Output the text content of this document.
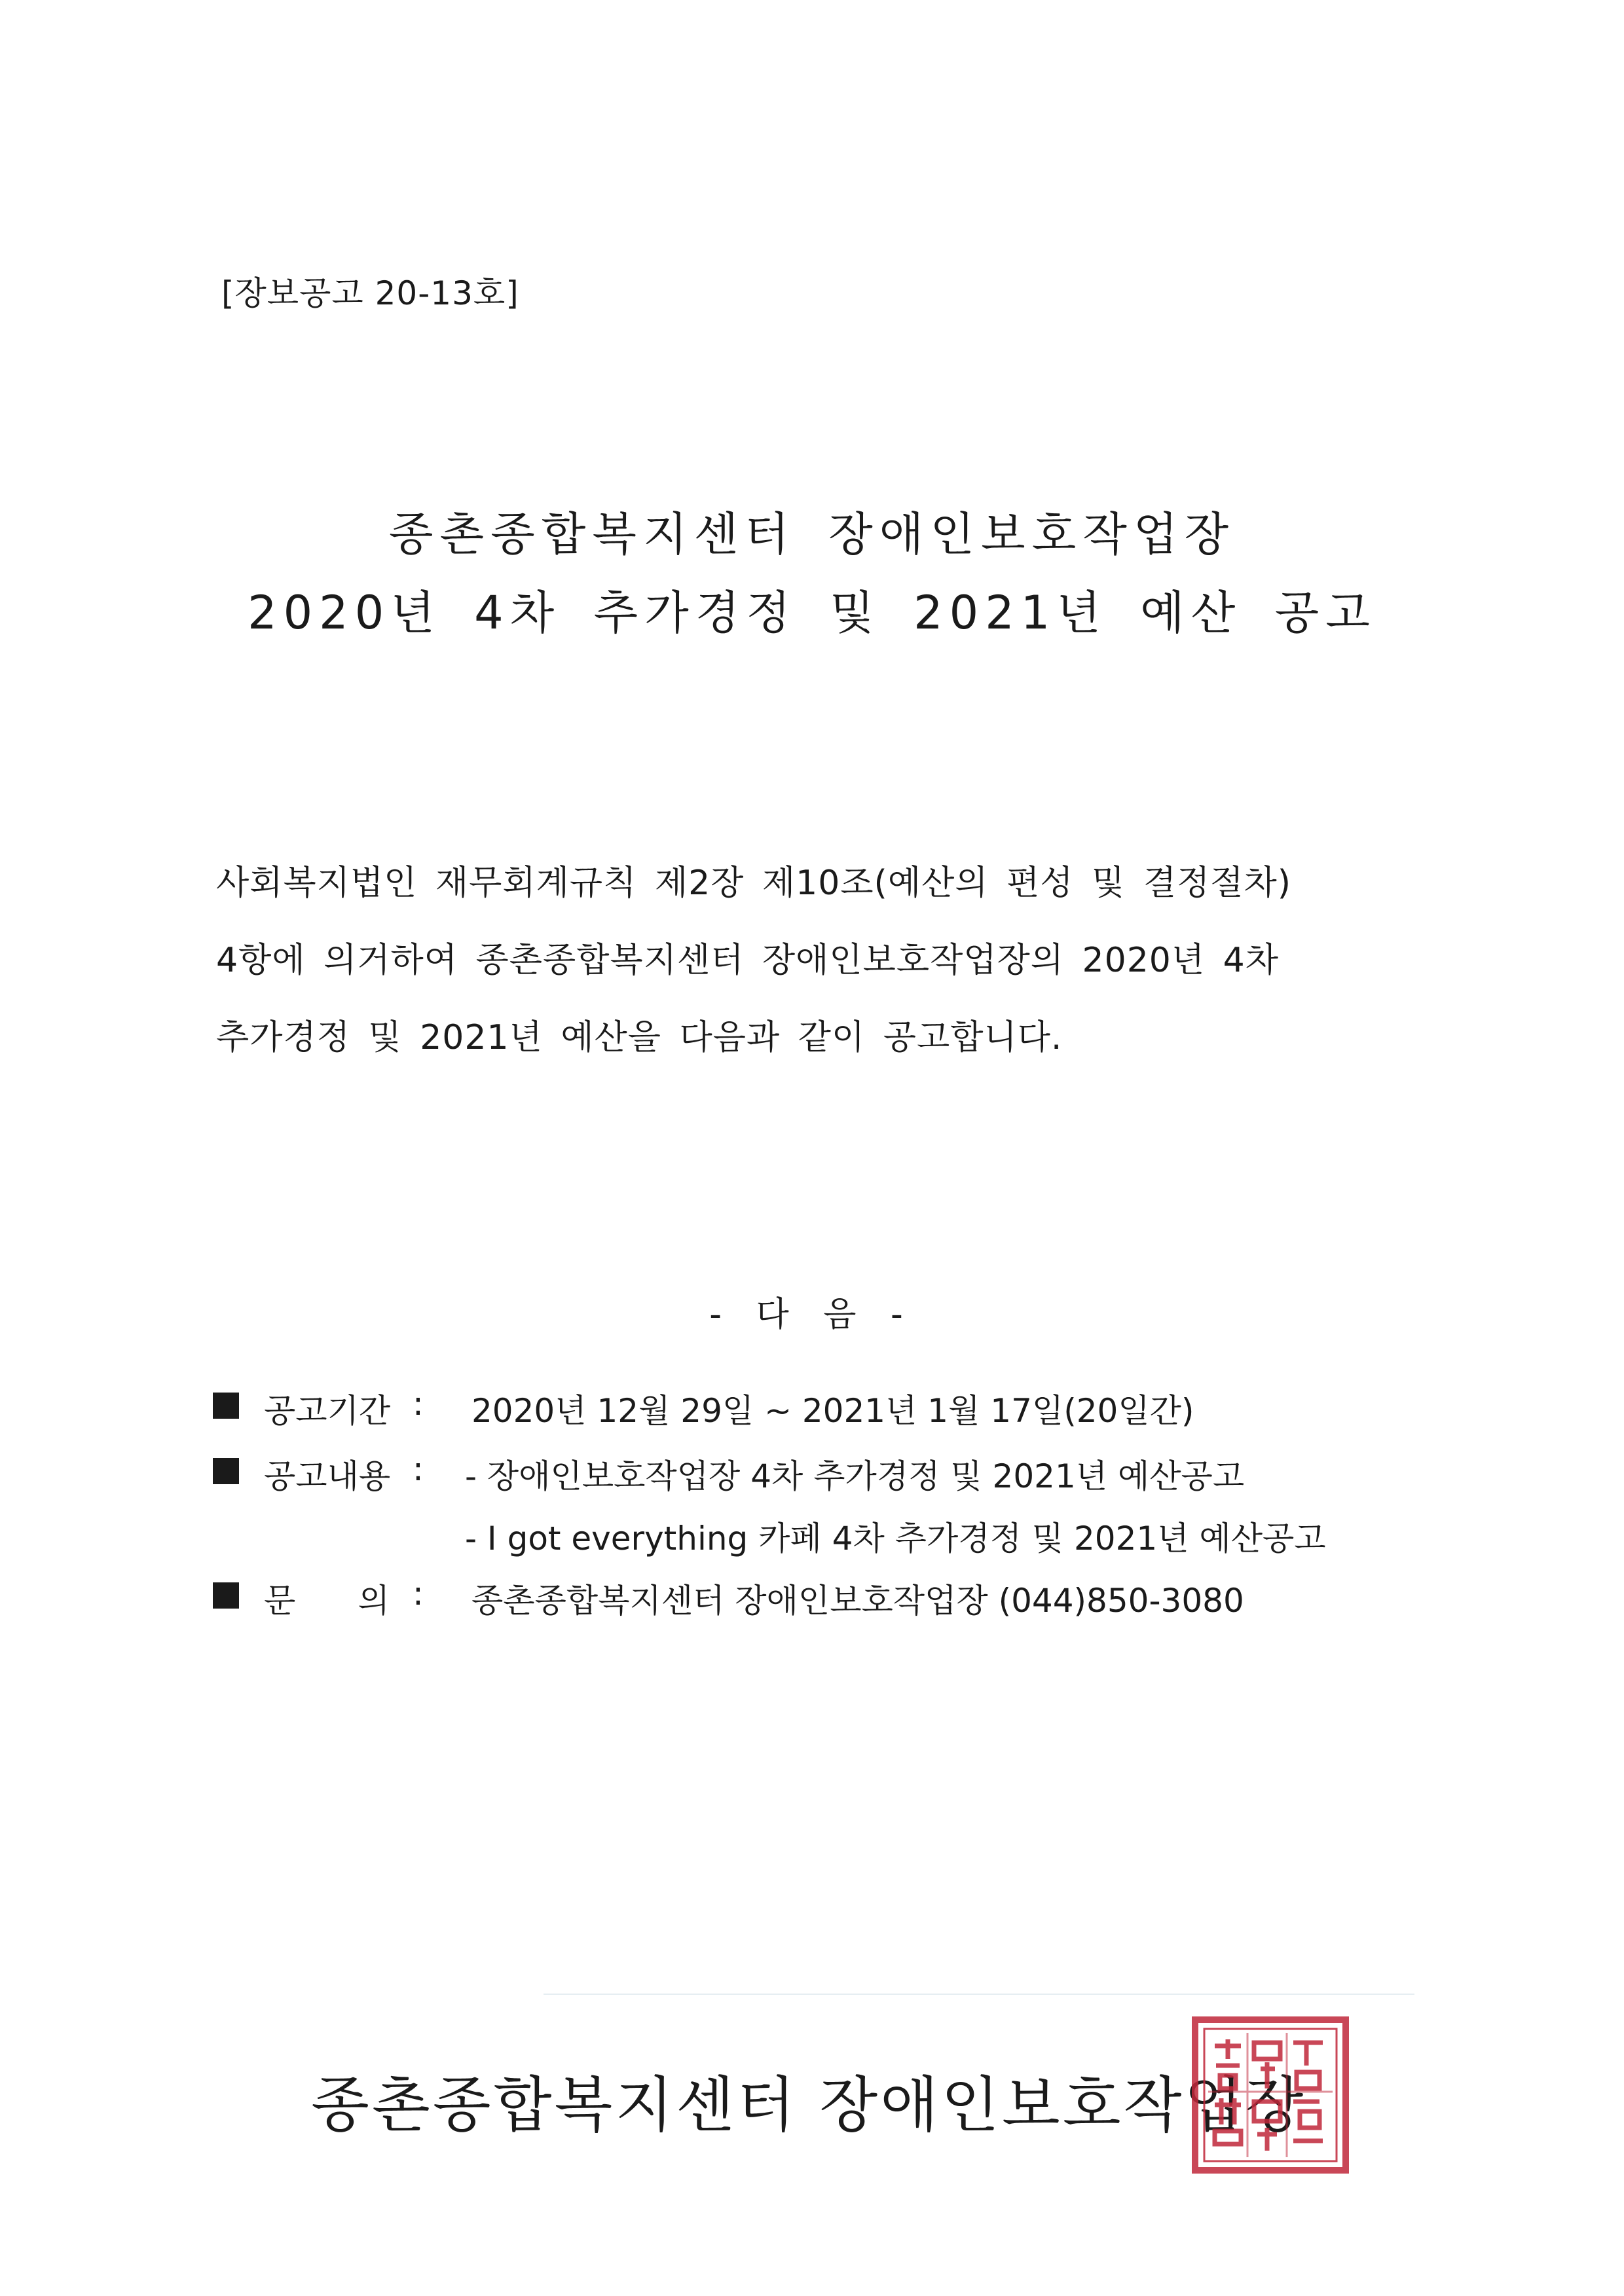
[장보공고 20-13호]
종촌종합복지센터 장애인보호작업장
2020년 4차 추가경정 및 2021년 예산 공고

사회복지법인 재무회계규칙 제2장 제10조(예산의 편성 및 결정절차)

4항에 의거하여 종촌종합복지센터 장애인보호작업장의 2020년 4차

추가경정 및 2021년 예산을 다음과 같이 공고합니다.

- 다 음 -
공고기간 : 2020년 12월 29일 ~ 2021년 1월 17일(20일간)
공고내용 : - 장애인보호작업장 4차 추가경정 및 2021년 예산공고
- I got everything 카페 4차 추가경정 및 2021년 예산공고
문      의 : 종촌종합복지센터 장애인보호작업장 (044)850-3080
종촌종합복지센터 장애인보호작업장
